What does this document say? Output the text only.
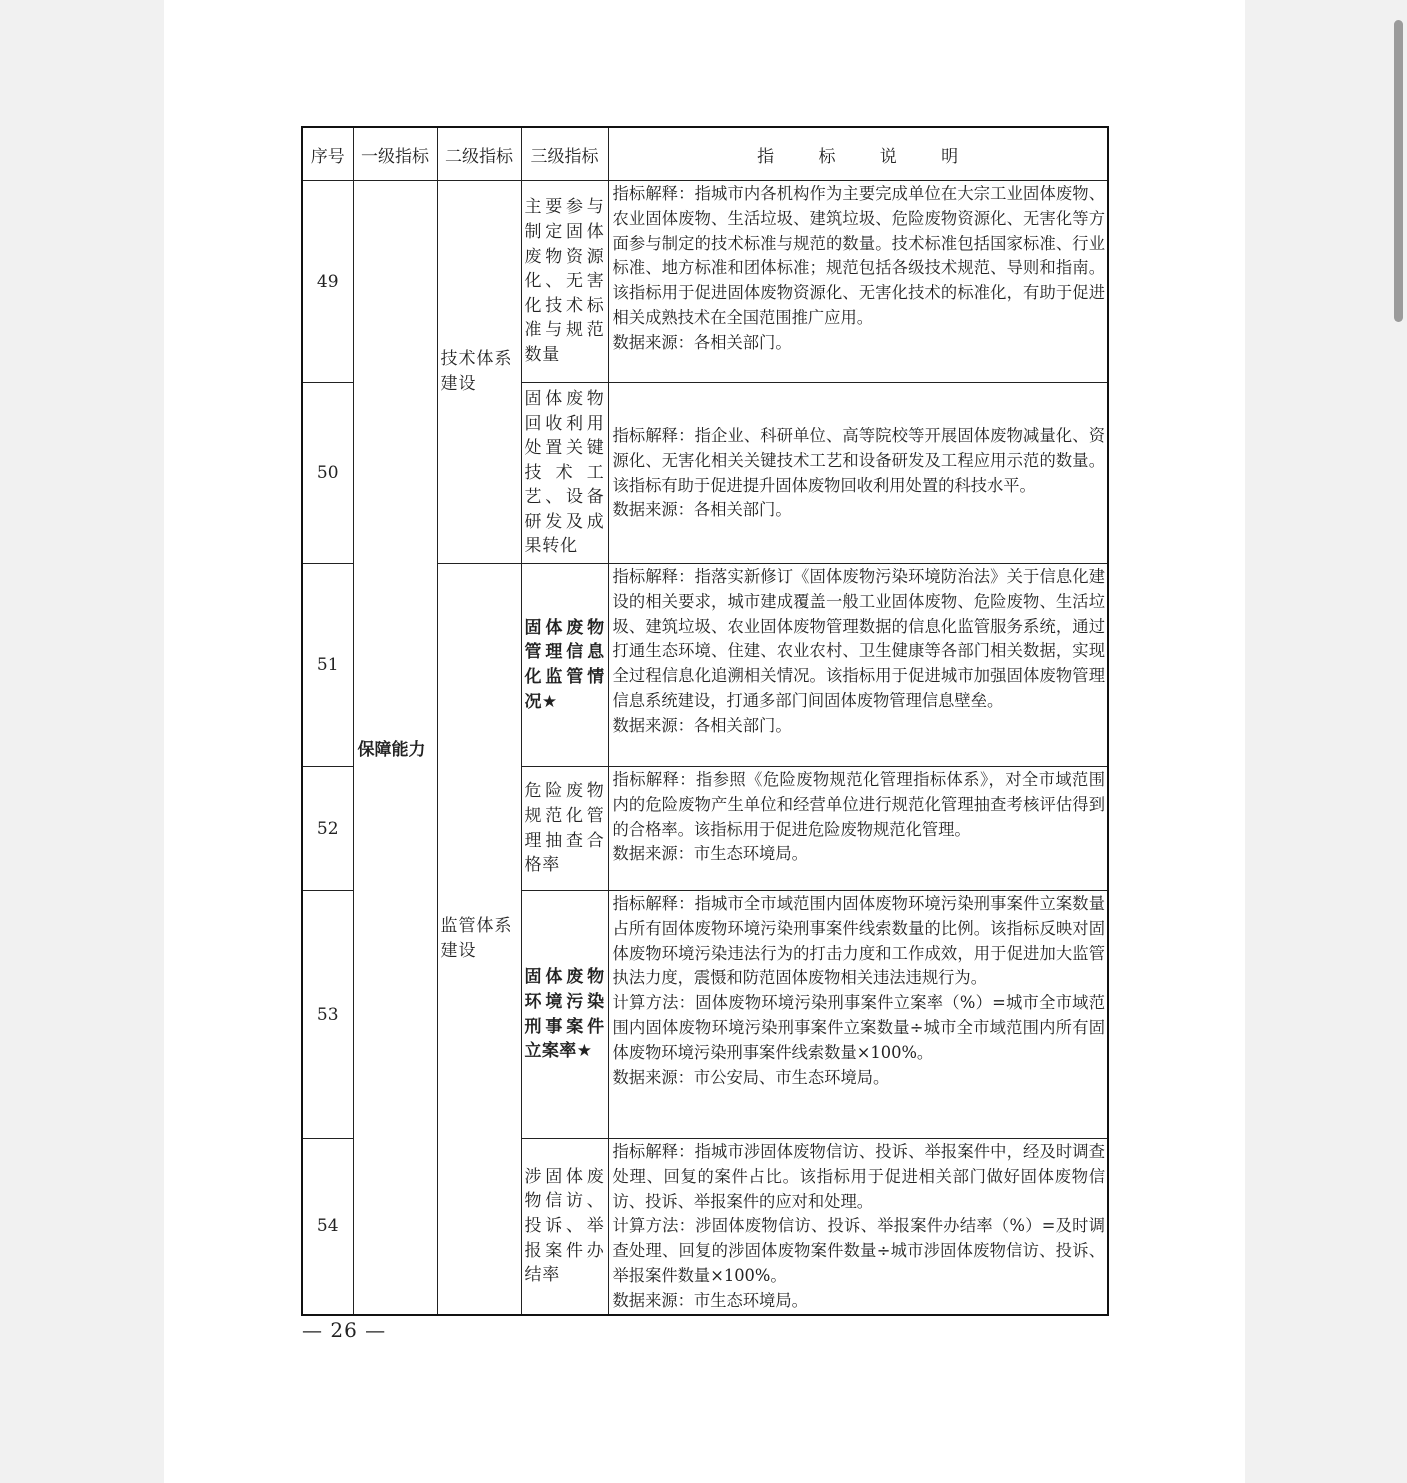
序号	一级指标	二级指标	三级指标	指 标 说 明
49	保障能力	技术体系建设	主要参与制定固体废物资源化、无害化技术标准与规范数量	指标解释：指城市内各机构作为主要完成单位在大宗工业固体废物、农业固体废物、生活垃圾、建筑垃圾、危险废物资源化、无害化等方面参与制定的技术标准与规范的数量。技术标准包括国家标准、行业标准、地方标准和团体标准；规范包括各级技术规范、导则和指南。该指标用于促进固体废物资源化、无害化技术的标准化，有助于促进相关成熟技术在全国范围推广应用。

数据来源：各相关部门。

50			固体废物回收利用处置关键技术工艺、设备研发及成果转化	指标解释：指企业、科研单位、高等院校等开展固体废物减量化、资源化、无害化相关关键技术工艺和设备研发及工程应用示范的数量。该指标有助于促进提升固体废物回收利用处置的科技水平。

数据来源：各相关部门。

51		监管体系建设	固体废物管理信息化监管情况★	指标解释：指落实新修订《固体废物污染环境防治法》关于信息化建设的相关要求，城市建成覆盖一般工业固体废物、危险废物、生活垃圾、建筑垃圾、农业固体废物管理数据的信息化监管服务系统，通过打通生态环境、住建、农业农村、卫生健康等各部门相关数据，实现全过程信息化追溯相关情况。该指标用于促进城市加强固体废物管理信息系统建设，打通多部门间固体废物管理信息壁垒。

数据来源：各相关部门。

52			危险废物规范化管理抽查合格率	指标解释：指参照《危险废物规范化管理指标体系》，对全市域范围内的危险废物产生单位和经营单位进行规范化管理抽查考核评估得到的合格率。该指标用于促进危险废物规范化管理。

数据来源：市生态环境局。

53			固体废物环境污染刑事案件立案率★	指标解释：指城市全市域范围内固体废物环境污染刑事案件立案数量占所有固体废物环境污染刑事案件线索数量的比例。该指标反映对固体废物环境污染违法行为的打击力度和工作成效，用于促进加大监管执法力度，震慑和防范固体废物相关违法违规行为。

计算方法：固体废物环境污染刑事案件立案率（%）=城市全市域范围内固体废物环境污染刑事案件立案数量÷城市全市域范围内所有固体废物环境污染刑事案件线索数量×100%。

数据来源：市公安局、市生态环境局。

54			涉固体废物信访、投诉、举报案件办结率	指标解释：指城市涉固体废物信访、投诉、举报案件中，经及时调查处理、回复的案件占比。该指标用于促进相关部门做好固体废物信访、投诉、举报案件的应对和处理。

计算方法：涉固体废物信访、投诉、举报案件办结率（%）=及时调查处理、回复的涉固体废物案件数量÷城市涉固体废物信访、投诉、举报案件数量×100%。

数据来源：市生态环境局。

— 26 —
